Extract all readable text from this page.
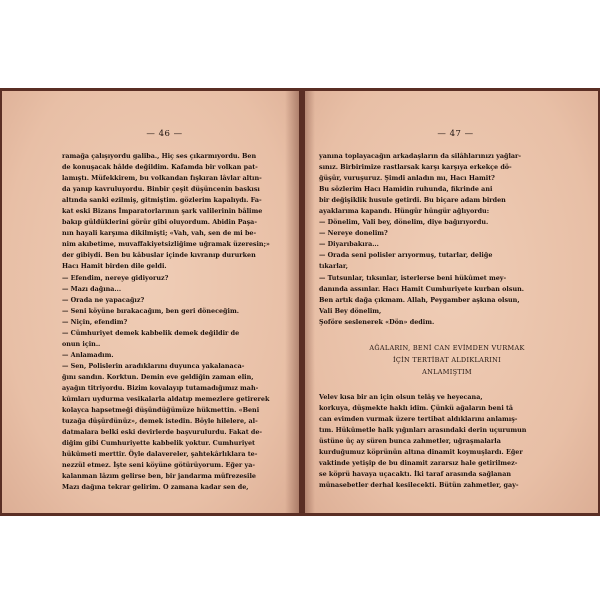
— 46 —

ramağa çalışıyordu galiba., Hiç ses çıkarmıyordu. Ben

de konuşacak hâlde değildim. Kafamda bir volkan pat-

lamıştı. Müfekkirem, bu volkandan fışkıran lâvlar altın-

da yanıp kavruluyordu. Binbir çeşit düşüncenin baskısı

altında sanki ezilmiş, gitmiştim. gözlerim kapalıydı. Fa-

kat eski Bizans İmparatorlarının şark valilerinin bâlime

bakıp güldüklerini görür gibi oluyordum. Abidin Paşa-

nın hayali karşıma dikilmişti; «Vah, vah, sen de mi be-

nim akıbetime, muvaffakiyetsizliğime uğramak üzeresin;»

der gibiydi. Ben bu kâbuslar içinde kıvranıp dururken

Hacı Hamit birden dile geldi.

— Efendim, nereye gidiyoruz?

— Mazı dağına...

— Orada ne yapacağız?

— Seni köyüne bırakacağım, ben geri döneceğim.

— Niçin, efendim?

— Cümhuriyet demek kabbelik demek değildir de

onun için..

— Anlamadım.

— Sen, Polislerin aradıklarını duyunca yakalanaca-

ğını sandın. Korktun. Demin eve geldiğin zaman elin,

ayağın titriyordu. Bizim kovalayıp tutamadığımız mah-

kûmları uydurma vesikalarla aldatıp memezlere getirerek

kolayca hapsetmeği düşündüğümüze hükmettin. «Beni

tuzağa düşürdünüz», demek istedin. Böyle hilelere, al-

datmalara belki eski devirlerde başvurulurdu. Fakat de-

diğim gibi Cumhuriyette kabbelik yoktur. Cumhuriyet

hükûmeti merttir. Öyle dalavereler, şahtekârlıklara te-

nezzül etmez. İşte seni köyüne götürüyorum. Eğer ya-

kalanman lâzım gelirse ben, bir jandarma müfrezesile

Mazı dağına tekrar gelirim. O zamana kadar sen de,

— 47 —

yanına toplayacağın arkadaşların da silâhlarınızı yağlar-

sınız. Birbirimize rastlarsak karşı karşıya erkekçe dö-

ğüşür, vuruşuruz. Şimdi anladın mı, Hacı Hamit?

Bu sözlerim Hacı Hamidin ruhunda, fikrinde ani

bir değişiklik husule getirdi. Bu biçare adam birden

ayaklarıma kapandı. Hüngür hüngür ağlıyordu:

— Dönelim, Vali bey, dönelim, diye bağırıyordu.

— Nereye donelim?

— Diyarıbakıra...

— Orada seni polisler arıyormuş, tutarlar, deliğe

tıkarlar,

— Tutsunlar, tıksınlar, isterlerse beni hükûmet mey-

danında assınlar. Hacı Hamit Cumhuriyete kurban olsun.

Ben artık dağa çıkmam. Allah, Peygamber aşkına olsun,

Vali Bey dönelim,

Şoföre seslenerek «Dön» dedim.

AĞALARIN, BENİ CAN EVİMDEN VURMAK

İÇİN TERTİBAT ALDIKLARINI

ANLAMIŞTIM

Velev kısa bir an için olsun telâş ve heyecana,

korkuya, düşmekte haklı idim. Çünkü ağaların beni tâ

can evimden vurmak üzere tertibat aldıklarını anlamış-

tım. Hükûmetle halk yığınları arasındaki derin uçurumun

üstüne üç ay süren bunca zahmetler, uğraşmalarla

kurduğumuz köprünün altına dinamit koymuşlardı. Eğer

vaktinde yetişip de bu dinamit zararsız hale getirilmez-

se köprü havaya uçacaktı. İki taraf arasında sağlanan

münasebetler derhal kesilecekti. Bütün zahmetler, gay-
